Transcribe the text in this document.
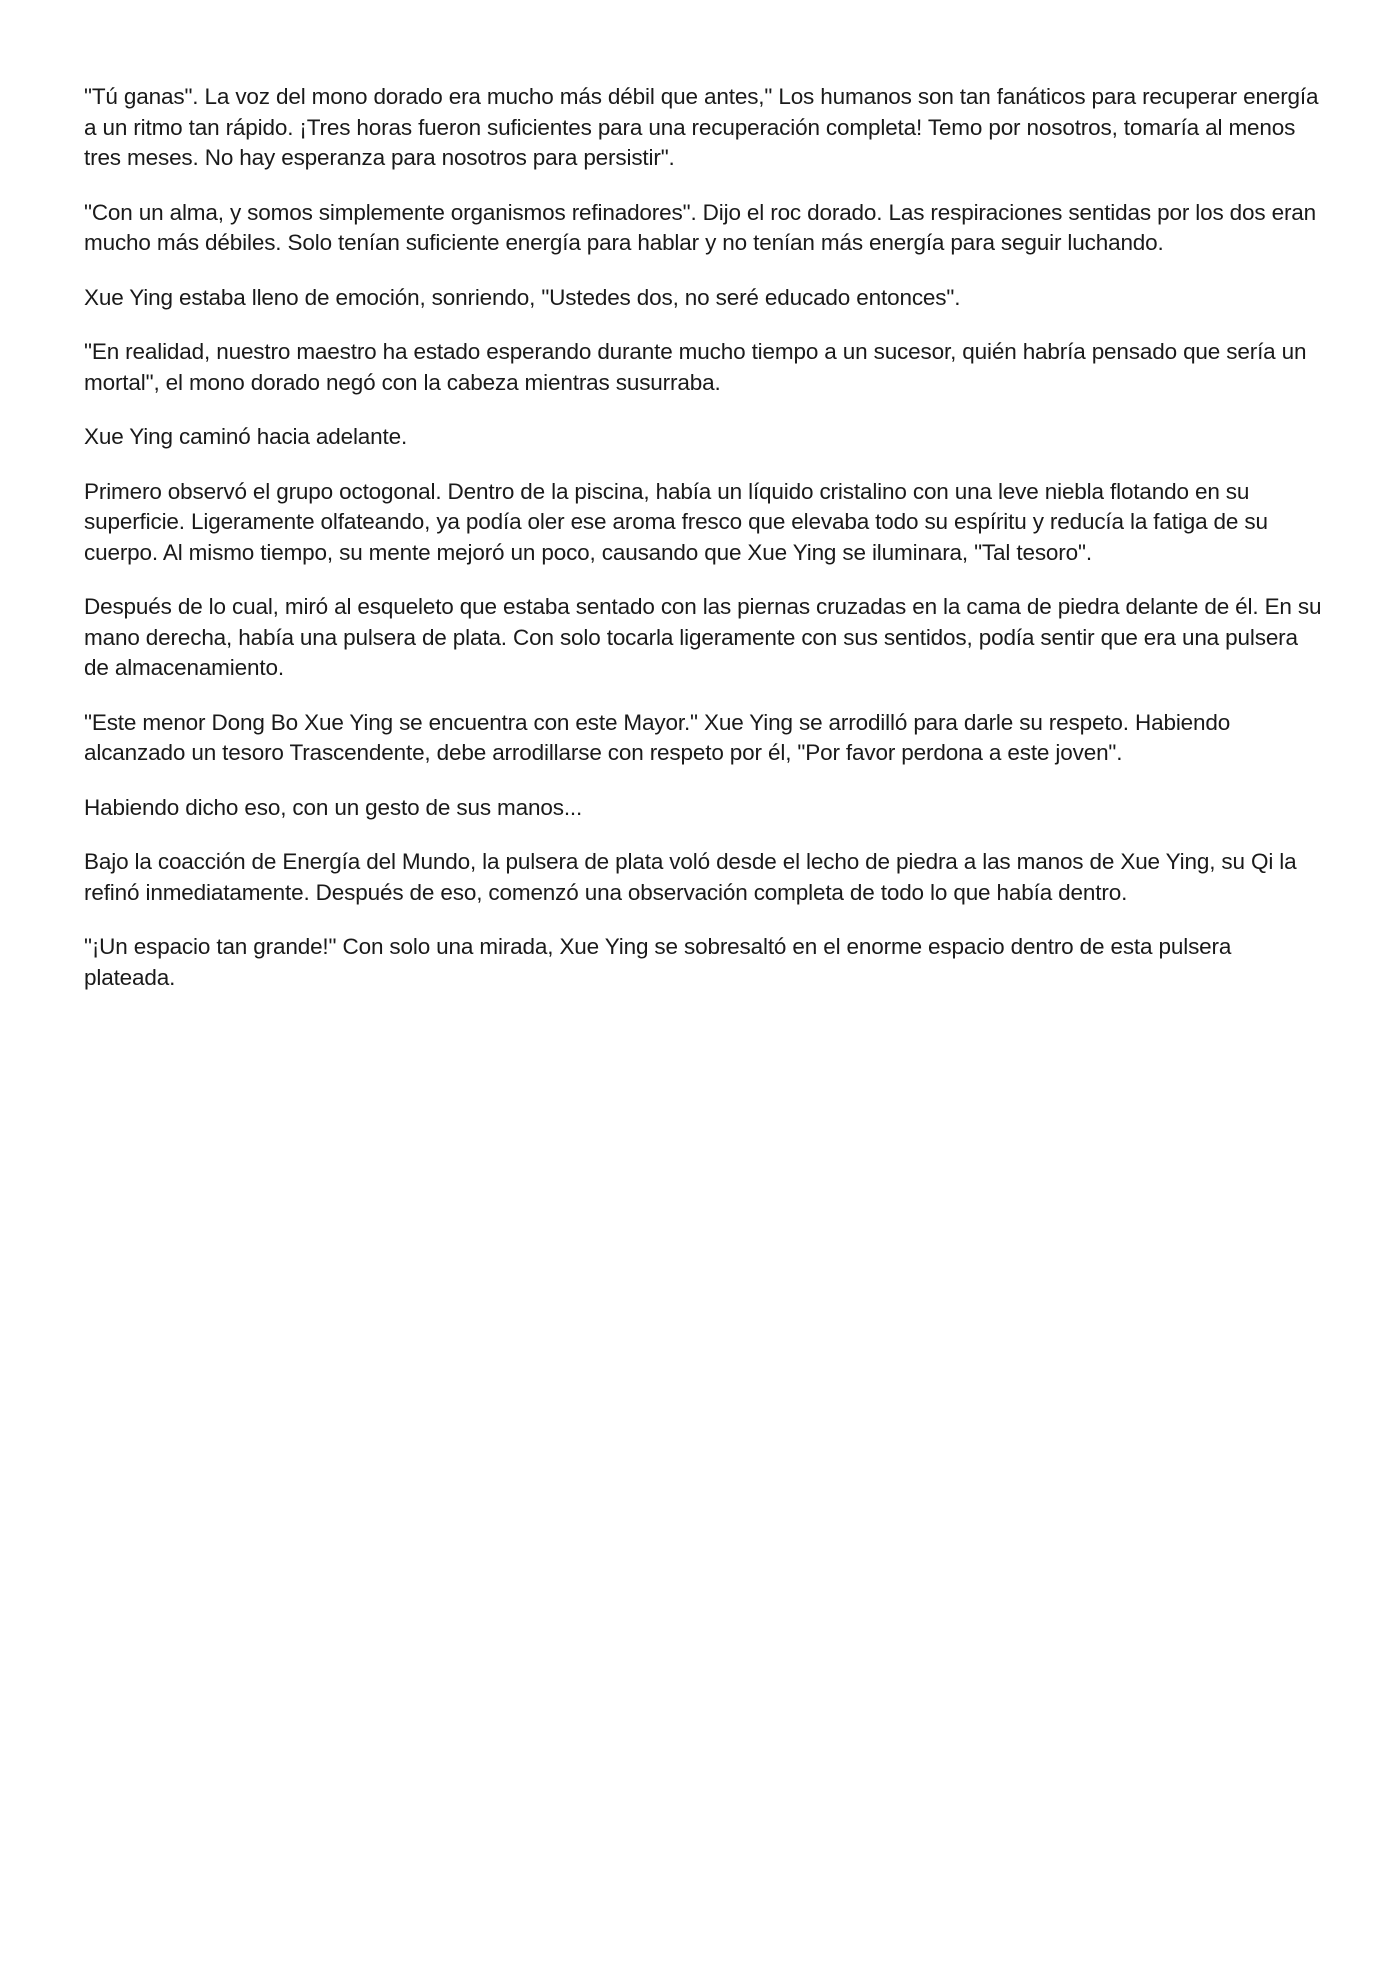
"Tú ganas". La voz del mono dorado era mucho más débil que antes," Los humanos son tan fanáticos para recuperar energía a un ritmo tan rápido. ¡Tres horas fueron suficientes para una recuperación completa! Temo por nosotros, tomaría al menos tres meses. No hay esperanza para nosotros para persistir".

"Con un alma, y somos simplemente organismos refinadores". Dijo el roc dorado. Las respiraciones sentidas por los dos eran mucho más débiles. Solo tenían suficiente energía para hablar y no tenían más energía para seguir luchando.

Xue Ying estaba lleno de emoción, sonriendo, "Ustedes dos, no seré educado entonces".

"En realidad, nuestro maestro ha estado esperando durante mucho tiempo a un sucesor, quién habría pensado que sería un mortal", el mono dorado negó con la cabeza mientras susurraba.

Xue Ying caminó hacia adelante.

Primero observó el grupo octogonal. Dentro de la piscina, había un líquido cristalino con una leve niebla flotando en su superficie. Ligeramente olfateando, ya podía oler ese aroma fresco que elevaba todo su espíritu y reducía la fatiga de su cuerpo. Al mismo tiempo, su mente mejoró un poco, causando que Xue Ying se iluminara, "Tal tesoro".

Después de lo cual, miró al esqueleto que estaba sentado con las piernas cruzadas en la cama de piedra delante de él. En su mano derecha, había una pulsera de plata. Con solo tocarla ligeramente con sus sentidos, podía sentir que era una pulsera de almacenamiento.

"Este menor Dong Bo Xue Ying se encuentra con este Mayor." Xue Ying se arrodilló para darle su respeto. Habiendo alcanzado un tesoro Trascendente, debe arrodillarse con respeto por él, "Por favor perdona a este joven".

Habiendo dicho eso, con un gesto de sus manos...

Bajo la coacción de Energía del Mundo, la pulsera de plata voló desde el lecho de piedra a las manos de Xue Ying, su Qi la refinó inmediatamente. Después de eso, comenzó una observación completa de todo lo que había dentro.

"¡Un espacio tan grande!" Con solo una mirada, Xue Ying se sobresaltó en el enorme espacio dentro de esta pulsera plateada.
